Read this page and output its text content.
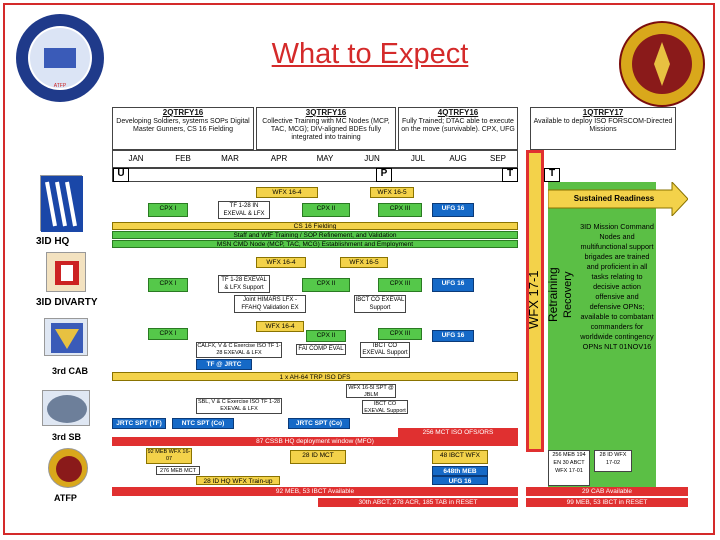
ATFP
What to Expect
2QTRFY16
Developing Soldiers, systems SOPs Digital Master Gunners, CS 16 Fielding
3QTRFY16
Collective Training with MC Nodes (MCP, TAC, MCG); DIV-aligned BDEs fully integrated into training
4QTRFY16
Fully Trained; DTAC able to execute on the move (survivable). CPX, UFG
1QTRFY17
Available to deploy ISO FORSCOM-Directed Missions
JAN	FEB	MAR	APR	MAY	JUN	JUL	AUG	SEP
U	P	T	T
WFX 17-1 Retraining Recovery
3ID Mission Command Nodes and multifunctional support brigades are trained and proficient in all tasks relating to decisive action offensive and defensive OPNs; available to combatant commanders for worldwide contingency OPNs NLT 01NOV16
Sustained Readiness
3ID HQ
3ID DIVARTY
3rd CAB
3rd SB
ATFP
WFX 16-4	WFX 16-5
CPX I	TF 1-28 IN EXEVAL & LFX
CPX II	CPX III	UFG 16
CS 16 Fielding
Staff and WfF Training / SOP Refinement, and Validation
MSN CMD Node (MCP, TAC, MCG) Establishment and Employment
WFX 16-4	WFX 16-5
CPX I	TF 1-28 EXEVAL & LFX Support
CPX II	CPX III	UFG 16
Joint HIMARS LFX - FFAHQ Validation EX
IBCT CO EXEVAL Support
WFX 16-4
CPX I	CPX II	CPX III	UFG 16
CALFX, V & C Exercise ISO TF 1-28 EXEVAL & LFX
FAI COMP EVAL	IBCT CO EXEVAL Support
TF @ JRTC
1 x AH-64 TRP ISO DFS
WFX 16-5I SPT @ JBLM
IBCT CO EXEVAL Support
SBL, V & C Exercise ISO TF 1-28 EXEVAL & LFX
JRTC SPT (TF)	NTC SPT (Co)	JRTC SPT (Co)
256 MCT ISO OFS/ORS
87 CSSB HQ deployment window (MFO)
92 MEB WFX 16-07
276 MEB MCT
28 ID MCT	48 IBCT WFX
648th MEB
UFG 16
28 ID HQ WFX Train-up
256 MEB 194 EN 30 ABCT WFX 17-01
28 ID WFX 17-02
92 MEB, 53 IBCT Available	29 CAB Available
30th ABCT, 278 ACR, 185 TAB in RESET	99 MEB, 53 IBCT in RESET
